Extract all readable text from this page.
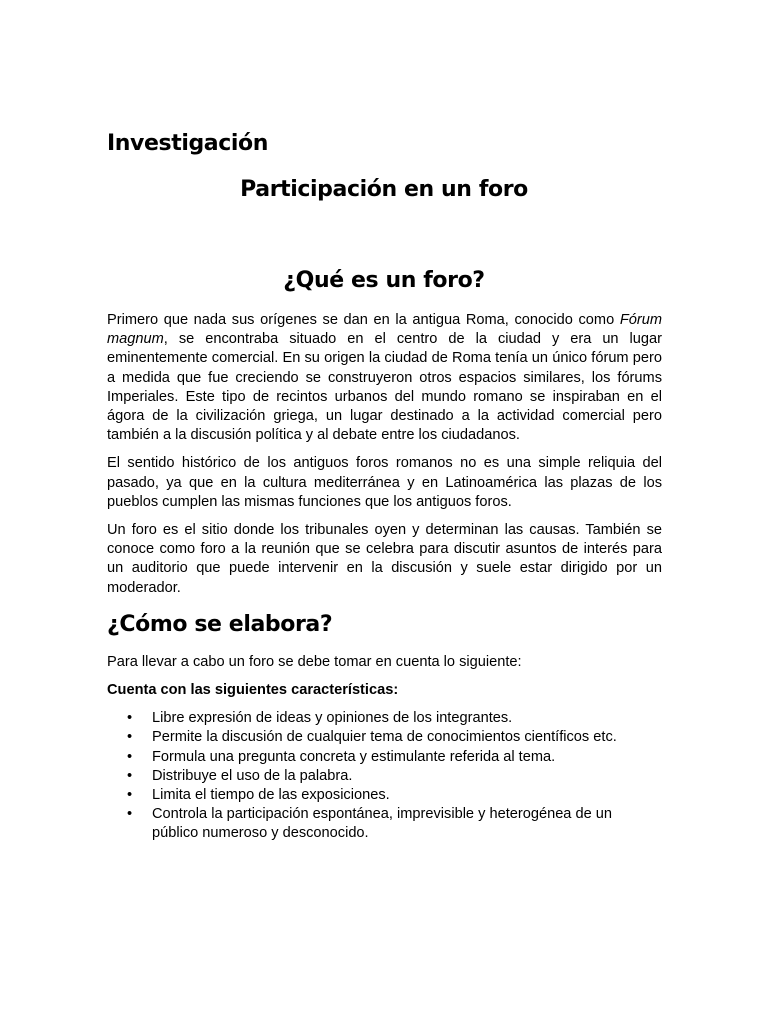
Investigación
Participación en un foro
¿Qué es un foro?

Primero que nada sus orígenes se dan en la antigua Roma, conocido como Fórum magnum, se encontraba situado en el centro de la ciudad y era un lugar eminentemente comercial. En su origen la ciudad de Roma tenía un único fórum pero a medida que fue creciendo se construyeron otros espacios similares, los fórums Imperiales. Este tipo de recintos urbanos del mundo romano se inspiraban en el ágora de la civilización griega, un lugar destinado a la actividad comercial pero también a la discusión política y al debate entre los ciudadanos.

El sentido histórico de los antiguos foros romanos no es una simple reliquia del pasado, ya que en la cultura mediterránea y en Latinoamérica las plazas de los pueblos cumplen las mismas funciones que los antiguos foros.

Un foro es el sitio donde los tribunales oyen y determinan las causas. También se conoce como foro a la reunión que se celebra para discutir asuntos de interés para un auditorio que puede intervenir en la discusión y suele estar dirigido por un moderador.

¿Cómo se elabora?

Para llevar a cabo un foro se debe tomar en cuenta lo siguiente:

Cuenta con las siguientes características:

• Libre expresión de ideas y opiniones de los integrantes.
• Permite la discusión de cualquier tema de conocimientos científicos etc.
• Formula una pregunta concreta y estimulante referida al tema.
• Distribuye el uso de la palabra.
• Limita el tiempo de las exposiciones.
• Controla la participación espontánea, imprevisible y heterogénea de un público numeroso y desconocido.
